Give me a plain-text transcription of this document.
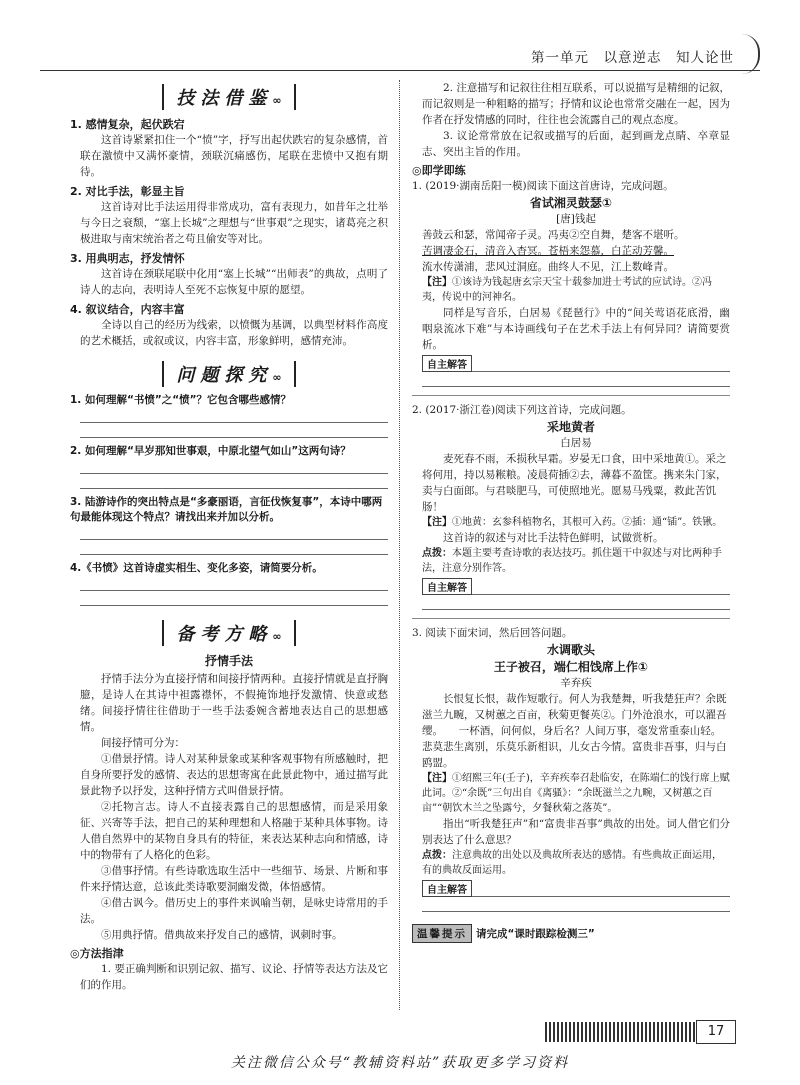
第一单元　以意逆志　知人论世
技法借鉴∞
1. 感情复杂，起伏跌宕

这首诗紧紧扣住一个“愤”字，抒写出起伏跌宕的复杂感情，首联在激愤中又满怀豪情，颈联沉痛感伤，尾联在悲愤中又抱有期待。

2. 对比手法，彰显主旨

这首诗对比手法运用得非常成功，富有表现力，如昔年之壮举与今日之衰颓，“塞上长城”之理想与“世事艰”之现实，诸葛亮之积极进取与南宋统治者之苟且偷安等对比。

3. 用典明志，抒发情怀

这首诗在颈联尾联中化用“塞上长城”“出师表”的典故，点明了诗人的志向，表明诗人至死不忘恢复中原的愿望。

4. 叙议结合，内容丰富

全诗以自己的经历为线索，以愤慨为基调，以典型材料作高度的艺术概括，或叙或议，内容丰富，形象鲜明，感情充沛。

问题探究∞
1. 如何理解“书愤”之“愤”？它包含哪些感情？
2. 如何理解“早岁那知世事艰，中原北望气如山”这两句诗？
3. 陆游诗作的突出特点是“多豪丽语，言征伐恢复事”，本诗中哪两句最能体现这个特点？请找出来并加以分析。
4.《书愤》这首诗虚实相生、变化多姿，请简要分析。
备考方略∞
抒情手法

抒情手法分为直接抒情和间接抒情两种。直接抒情就是直抒胸臆，是诗人在其诗中袒露襟怀，不假掩饰地抒发激情、快意或愁绪。间接抒情往往借助于一些手法委婉含蓄地表达自己的思想感情。

间接抒情可分为：

①借景抒情。诗人对某种景象或某种客观事物有所感触时，把自身所要抒发的感情、表达的思想寄寓在此景此物中，通过描写此景此物予以抒发，这种抒情方式叫借景抒情。

②托物言志。诗人不直接表露自己的思想感情，而是采用象征、兴寄等手法，把自己的某种理想和人格融于某种具体事物。诗人借自然界中的某物自身具有的特征，来表达某种志向和情感，诗中的物带有了人格化的色彩。

③借事抒情。有些诗歌选取生活中一些细节、场景、片断和事件来抒情达意，总该此类诗歌要洞幽发微，体悟感情。

④借古讽今。借历史上的事件来讽喻当朝，是咏史诗常用的手法。

⑤用典抒情。借典故来抒发自己的感情，讽刺时事。

◎方法指津

1. 要正确判断和识别记叙、描写、议论、抒情等表达方法及它们的作用。

2. 注意描写和记叙往往相互联系，可以说描写是精细的记叙，而记叙则是一种粗略的描写；抒情和议论也常常交融在一起，因为作者在抒发情感的同时，往往也会流露自己的观点态度。

3. 议论常常放在记叙或描写的后面，起到画龙点睛、卒章显志、突出主旨的作用。

◎即学即练

1. (2019·湖南岳阳一模)阅读下面这首唐诗，完成问题。

省试湘灵鼓瑟①
[唐]钱起
善鼓云和瑟，常闻帝子灵。冯夷②空自舞，楚客不堪听。
苦调凄金石，清音入杳冥。苍梧来怨慕，白芷动芳馨。
流水传潇浦，悲风过洞庭。曲终人不见，江上数峰青。

【注】①该诗为钱起唐玄宗天宝十载参加进士考试的应试诗。②冯夷，传说中的河神名。

同样是写音乐，白居易《琵琶行》中的“间关莺语花底滑，幽咽泉流冰下难”与本诗画线句子在艺术手法上有何异同？请简要赏析。

自主解答

2. (2017·浙江卷)阅读下列这首诗，完成问题。

采地黄者
白居易

麦死春不雨，禾损秋早霜。岁晏无口食，田中采地黄①。采之将何用，持以易糇粮。凌晨荷插②去，薄暮不盈筐。携来朱门家，卖与白面郎。与君啖肥马，可使照地光。愿易马残粟，救此苦饥肠！

【注】①地黄：玄参科植物名，其根可入药。②插：通“锸”。铁锹。

这首诗的叙述与对比手法特色鲜明，试做赏析。

点拨：本题主要考查诗歌的表达技巧。抓住题干中叙述与对比两种手法，注意分别作答。

自主解答

3. 阅读下面宋词，然后回答问题。

水调歌头
王子被召，端仁相饯席上作①
辛弃疾

长恨复长恨，裁作短歌行。何人为我楚舞，听我楚狂声？余既滋兰九畹，又树蕙之百亩，秋菊更餐英②。门外沧浪水，可以濯吾缨。　　一杯酒，问何似，身后名？人间万事，毫发常重泰山轻。悲莫悲生离别，乐莫乐新相识，儿女古今情。富贵非吾事，归与白鸥盟。

【注】①绍熙三年(壬子)，辛弃疾奉召赴临安，在陈端仁的饯行席上赋此词。②“余既”三句出自《离骚》：“余既滋兰之九畹，又树蕙之百亩”“朝饮木兰之坠露兮，夕餐秋菊之落英”。

指出“听我楚狂声”和“富贵非吾事”典故的出处。词人借它们分别表达了什么意思？

点拨：注意典故的出处以及典故所表达的感情。有些典故正面运用，有的典故反面运用。

自主解答
温馨提示 请完成“课时跟踪检测三”
17
关注微信公众号“教辅资料站”获取更多学习资料
